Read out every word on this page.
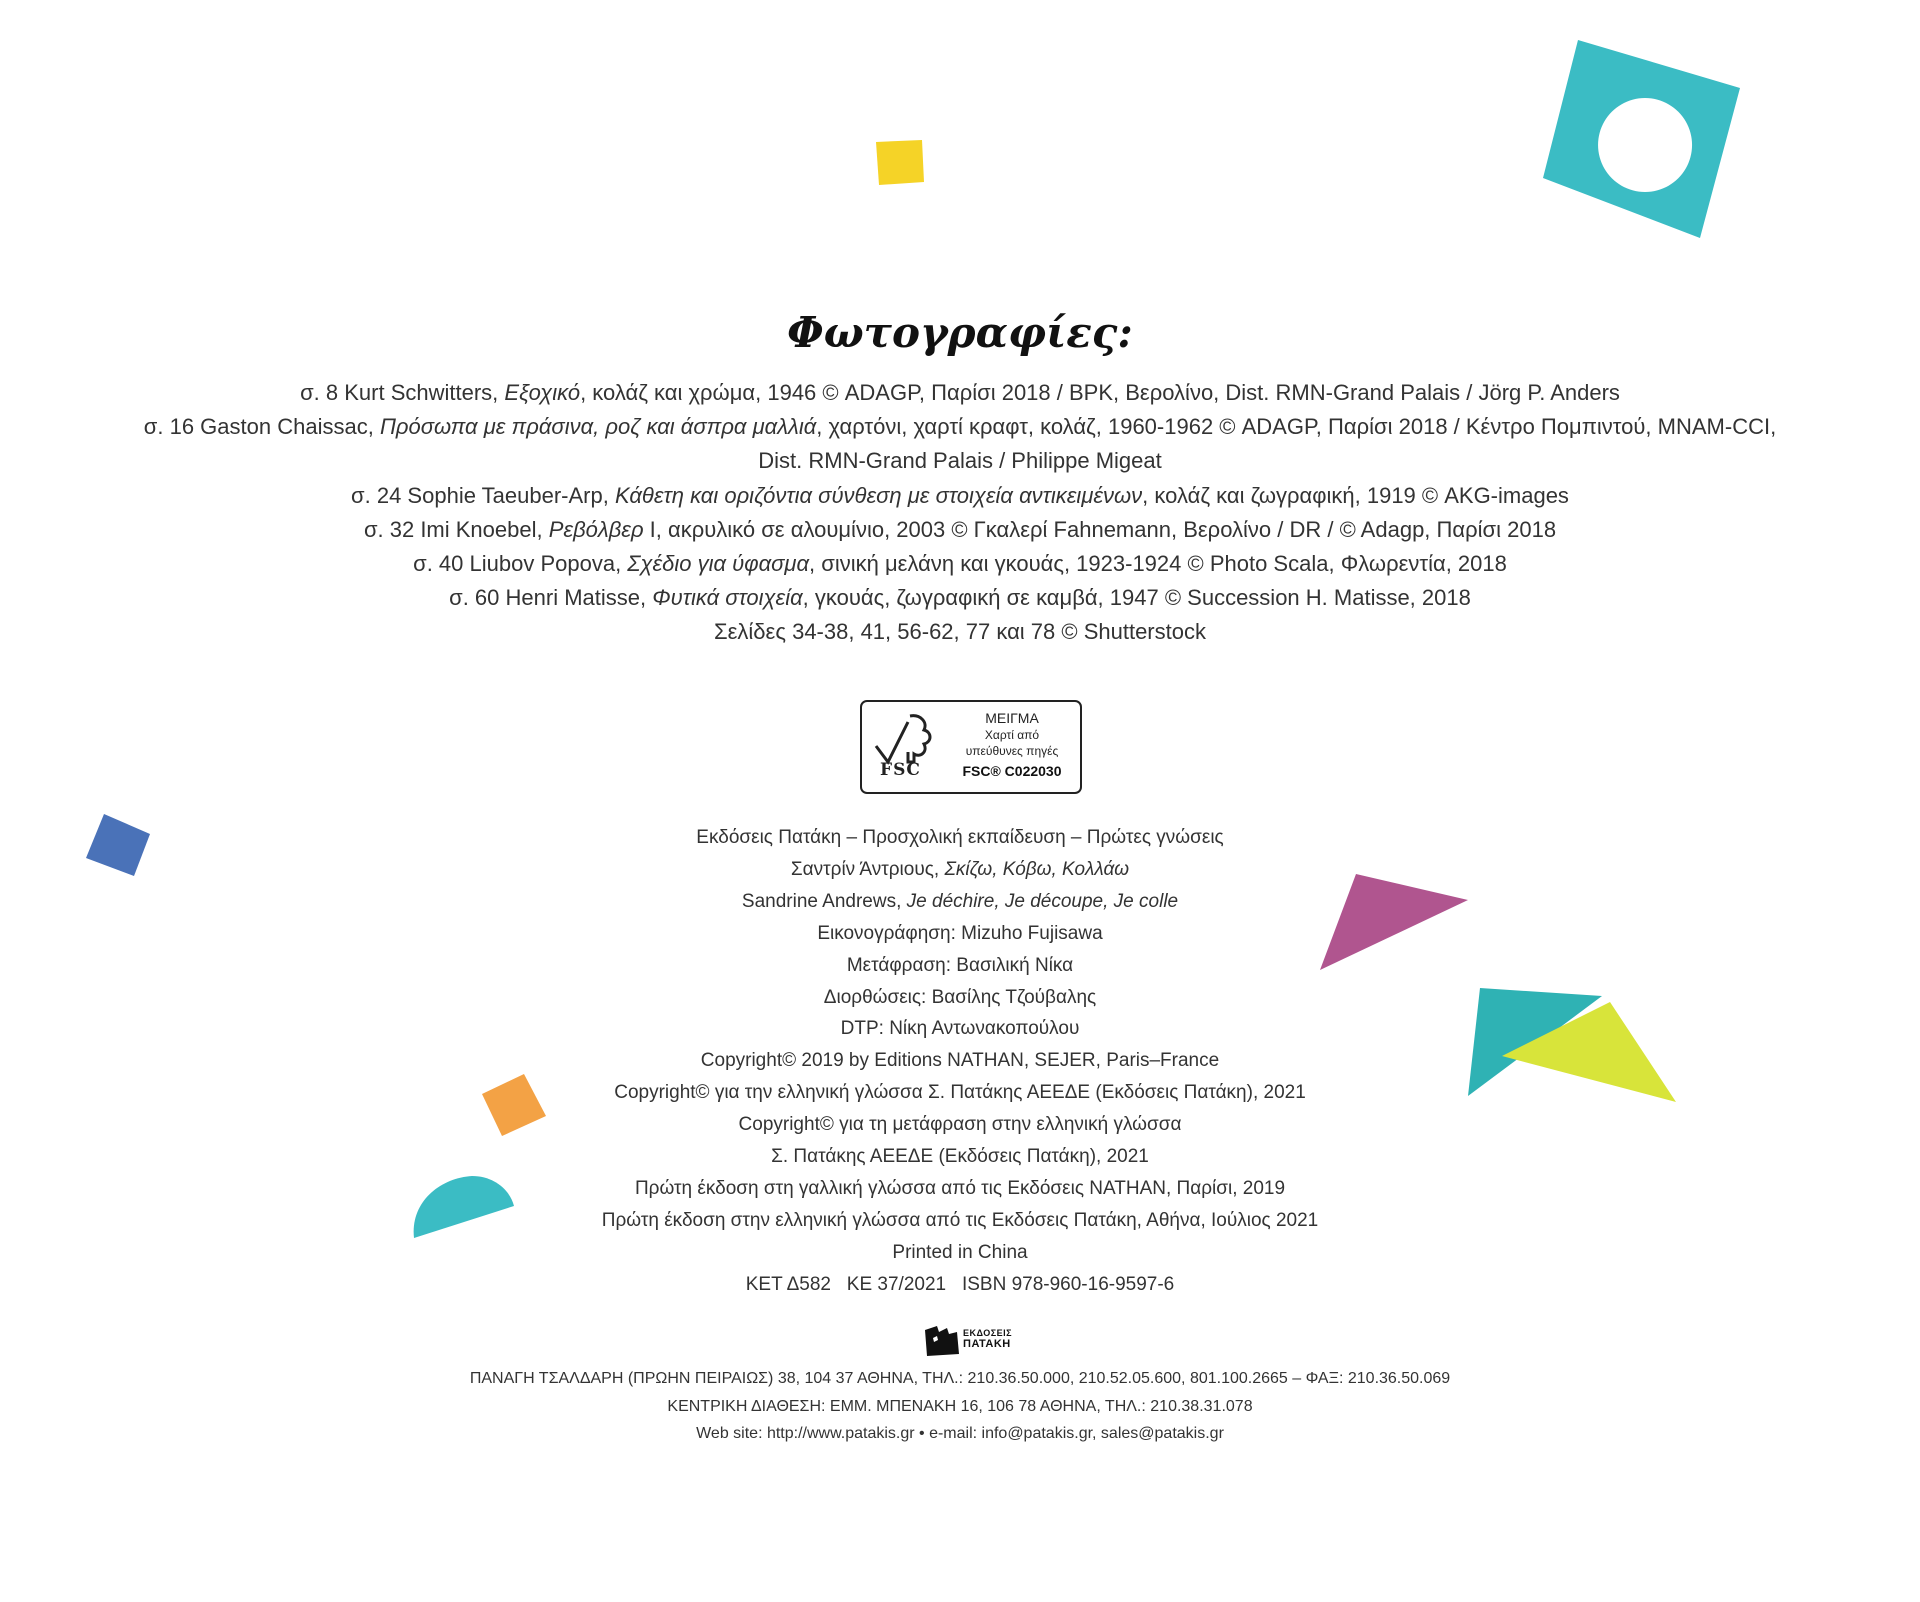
Φωτογραφίες:
σ. 8 Kurt Schwitters, Εξοχικό, κολάζ και χρώμα, 1946 © ADAGP, Παρίσι 2018 / BPK, Βερολίνο, Dist. RMN-Grand Palais / Jörg P. Anders
σ. 16 Gaston Chaissac, Πρόσωπα με πράσινα, ροζ και άσπρα μαλλιά, χαρτόνι, χαρτί κραφτ, κολάζ, 1960-1962 © ADAGP, Παρίσι 2018 / Κέντρο Πομπιντού, MNAM-CCI,
Dist. RMN-Grand Palais / Philippe Migeat
σ. 24 Sophie Taeuber-Arp, Κάθετη και οριζόντια σύνθεση με στοιχεία αντικειμένων, κολάζ και ζωγραφική, 1919 © AKG-images
σ. 32 Imi Knoebel, Ρεβόλβερ Ι, ακρυλικό σε αλουμίνιο, 2003 © Γκαλερί Fahnemann, Βερολίνο / DR / © Adagp, Παρίσι 2018
σ. 40 Liubov Popova, Σχέδιο για ύφασμα, σινική μελάνη και γκουάς, 1923-1924 © Photo Scala, Φλωρεντία, 2018
σ. 60 Henri Matisse, Φυτικά στοιχεία, γκουάς, ζωγραφική σε καμβά, 1947 © Succession H. Matisse, 2018
Σελίδες 34-38, 41, 56-62, 77 και 78 © Shutterstock
FSC
ΜΕΙΓΜΑ
Χαρτί από
υπεύθυνες πηγές
FSC® C022030
Εκδόσεις Πατάκη – Προσχολική εκπαίδευση – Πρώτες γνώσεις
Σαντρίν Άντριους, Σκίζω, Κόβω, Κολλάω
Sandrine Andrews, Je déchire, Je découpe, Je colle
Εικονογράφηση: Mizuho Fujisawa
Μετάφραση: Βασιλική Νίκα
Διορθώσεις: Βασίλης Τζούβαλης
DTP: Νίκη Αντωνακοπούλου
Copyright© 2019 by Editions NATHAN, SEJER, Paris–France
Copyright© για την ελληνική γλώσσα Σ. Πατάκης ΑΕΕΔΕ (Εκδόσεις Πατάκη), 2021
Copyright© για τη μετάφραση στην ελληνική γλώσσα
Σ. Πατάκης ΑΕΕΔΕ (Εκδόσεις Πατάκη), 2021
Πρώτη έκδοση στη γαλλική γλώσσα από τις Εκδόσεις NATHAN, Παρίσι, 2019
Πρώτη έκδοση στην ελληνική γλώσσα από τις Εκδόσεις Πατάκη, Αθήνα, Ιούλιος 2021
Printed in China
ΚΕΤ Δ582   ΚΕ 37/2021   ISBN 978-960-16-9597-6
ΕΚΔΟΣΕΙΣ
ΠΑΤΑΚΗ
ΠΑΝΑΓΗ ΤΣΑΛΔΑΡΗ (ΠΡΩΗΝ ΠΕΙΡΑΙΩΣ) 38, 104 37 ΑΘΗΝΑ, ΤΗΛ.: 210.36.50.000, 210.52.05.600, 801.100.2665 – ΦΑΞ: 210.36.50.069
ΚΕΝΤΡΙΚΗ ΔΙΑΘΕΣΗ: ΕΜΜ. ΜΠΕΝΑΚΗ 16, 106 78 ΑΘΗΝΑ, ΤΗΛ.: 210.38.31.078
Web site: http://www.patakis.gr • e-mail: info@patakis.gr, sales@patakis.gr
